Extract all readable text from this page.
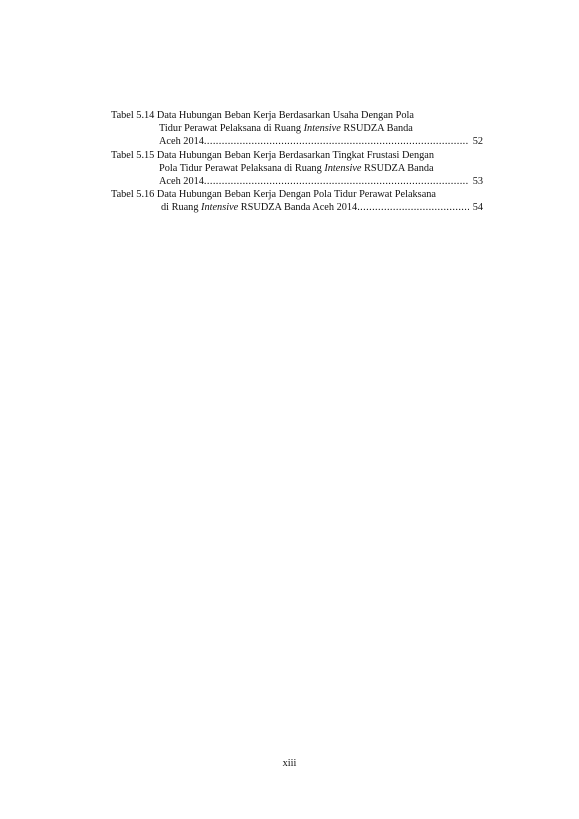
Tabel 5.14 Data Hubungan Beban Kerja Berdasarkan Usaha Dengan Pola
Tidur Perawat Pelaksana di Ruang Intensive RSUDZA Banda
Aceh 2014 .....	52
Tabel 5.15 Data Hubungan Beban Kerja Berdasarkan Tingkat Frustasi Dengan
Pola Tidur Perawat Pelaksana di Ruang Intensive RSUDZA Banda
Aceh 2014 .....	53
Tabel 5.16 Data Hubungan Beban Kerja Dengan Pola Tidur Perawat Pelaksana
di Ruang Intensive RSUDZA Banda Aceh 2014 .....	54
xiii
